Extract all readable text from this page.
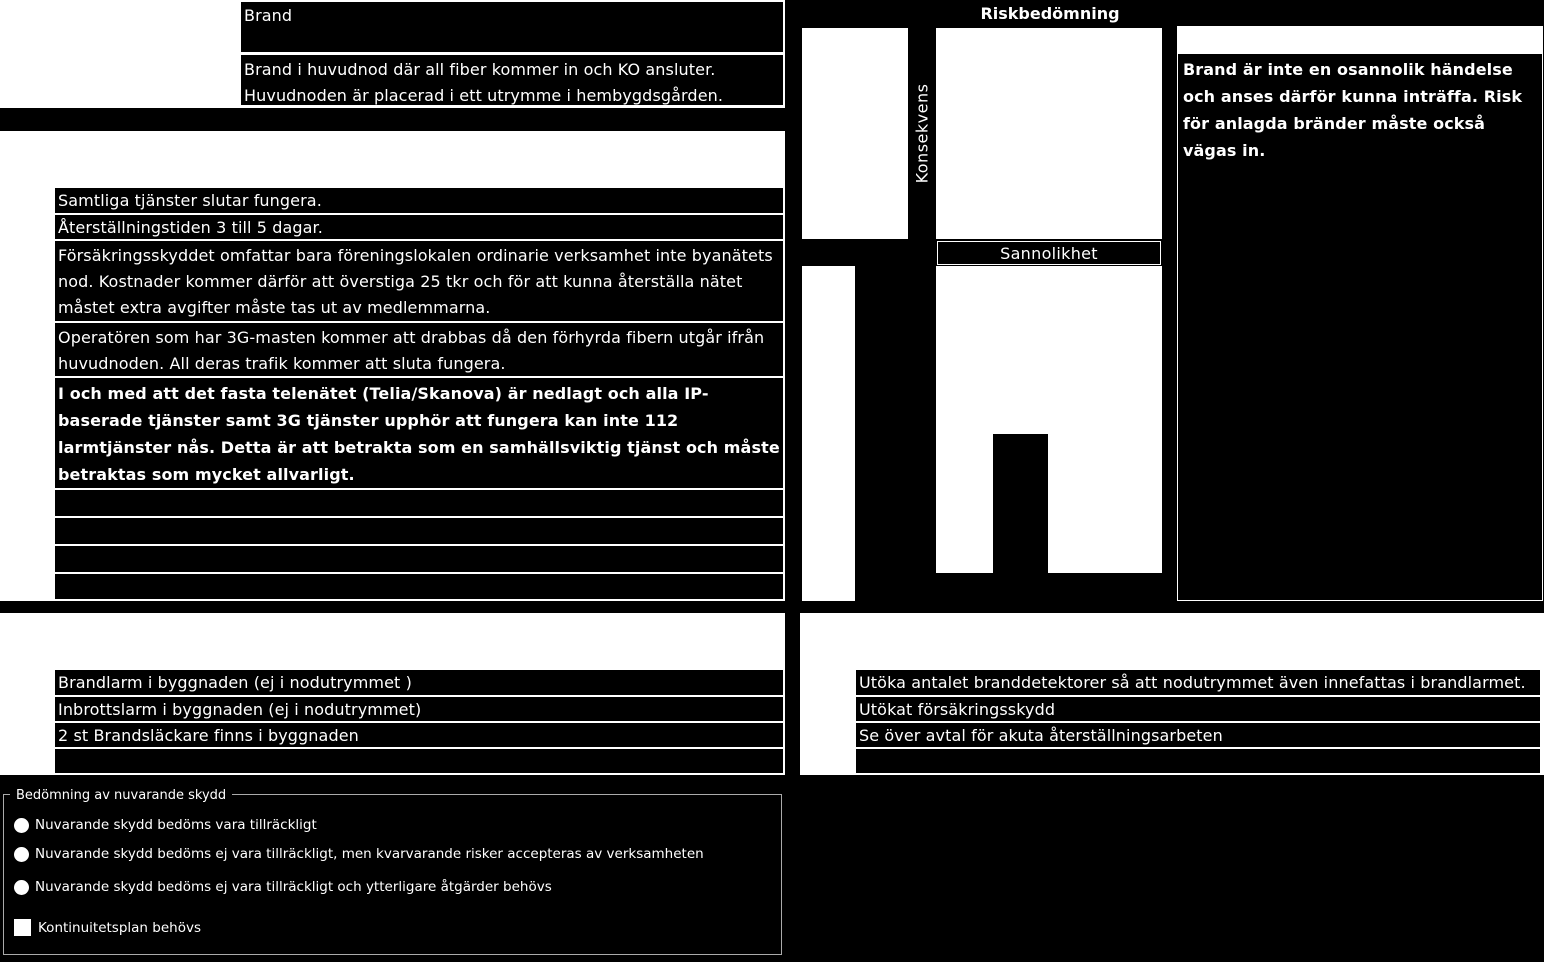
Brand
Brand i huvudnod där all fiber kommer in och KO ansluter.
Huvudnoden är placerad i ett utrymme i hembygdsgården.
Samtliga tjänster slutar fungera.
Återställningstiden 3 till 5 dagar.
Försäkringsskyddet omfattar bara föreningslokalen ordinarie verksamhet inte byanätets nod. Kostnader kommer därför att överstiga 25 tkr och för att kunna återställa nätet måstet extra avgifter måste tas ut av medlemmarna.
Operatören som har 3G-masten kommer att drabbas då den förhyrda fibern utgår ifrån huvudnoden. All deras trafik kommer att sluta fungera.
I och med att det fasta telenätet (Telia/Skanova) är nedlagt och alla IP-baserade tjänster samt 3G tjänster upphör att fungera kan inte 112 larmtjänster nås. Detta är att betrakta som en samhällsviktig tjänst och måste betraktas som mycket allvarligt.
Riskbedömning
Konsekvens
Sannolikhet
Brand är inte en osannolik händelse och anses därför kunna inträffa. Risk för anlagda bränder måste också vägas in.
Brandlarm i byggnaden (ej i nodutrymmet )
Inbrottslarm i byggnaden (ej i nodutrymmet)
2 st Brandsläckare finns i byggnaden
Utöka antalet branddetektorer så att nodutrymmet även innefattas i brandlarmet.
Utökat försäkringsskydd
Se över avtal för akuta återställningsarbeten
Bedömning av nuvarande skydd
Nuvarande skydd bedöms vara tillräckligt
Nuvarande skydd bedöms ej vara tillräckligt, men kvarvarande risker accepteras av verksamheten
Nuvarande skydd bedöms ej vara tillräckligt och ytterligare åtgärder behövs
Kontinuitetsplan behövs
